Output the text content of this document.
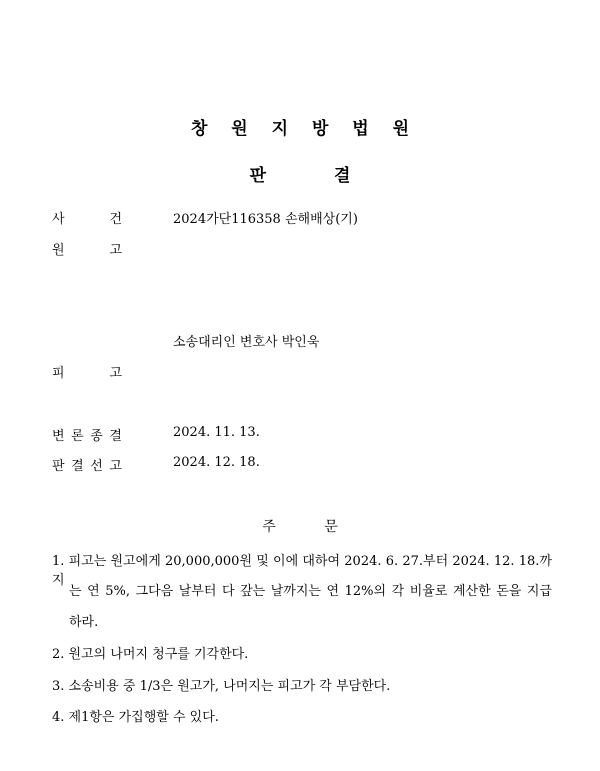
창 원 지 방 법 원
판 결
사	건	2024가단116358 손해배상(기)
원	고
소송대리인 변호사 박인욱
피	고
변 론 종 결	2024. 11. 13.
판 결 선 고	2024. 12. 18.
주 문
1. 피고는 원고에게 20,000,000원 및 이에 대하여 2024. 6. 27.부터 2024. 12. 18.까지
는 연 5%, 그다음 날부터 다 갚는 날까지는 연 12%의 각 비율로 계산한 돈을 지급
하라.
2. 원고의 나머지 청구를 기각한다.
3. 소송비용 중 1/3은 원고가, 나머지는 피고가 각 부담한다.
4. 제1항은 가집행할 수 있다.
